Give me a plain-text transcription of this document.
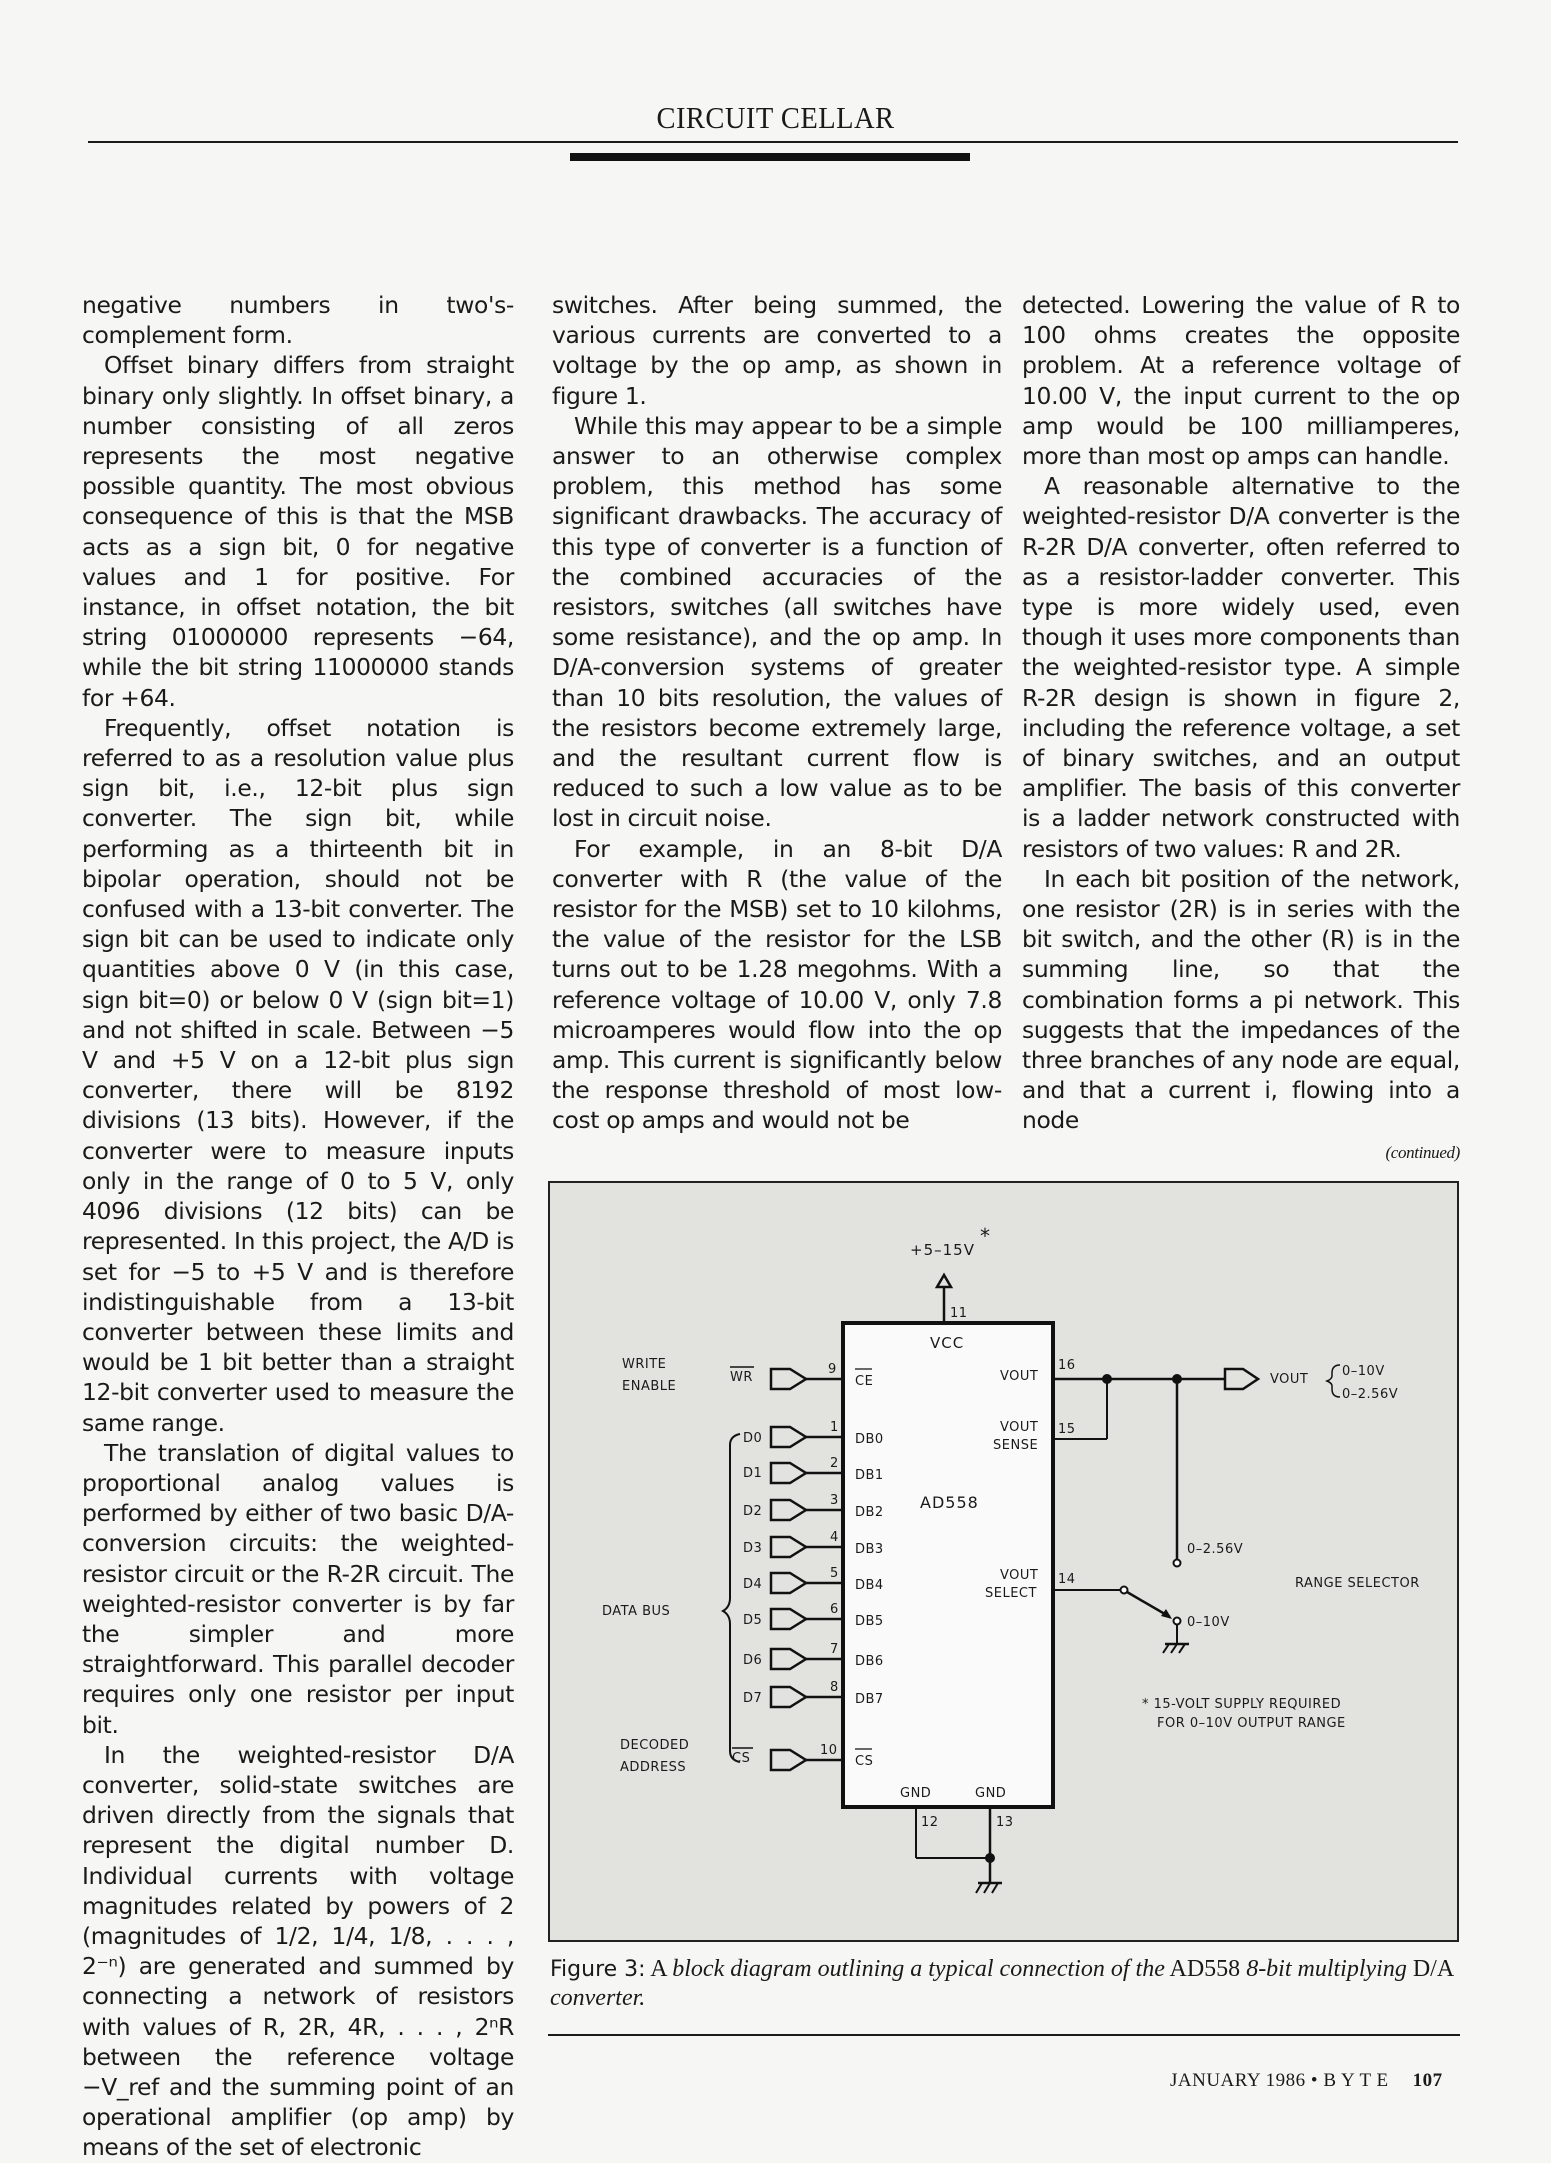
CIRCUIT CELLAR

negative numbers in two's-complement form.

Offset binary differs from straight binary only slightly. In offset binary, a number consisting of all zeros represents the most negative possible quantity. The most obvious consequence of this is that the MSB acts as a sign bit, 0 for negative values and 1 for positive. For instance, in offset notation, the bit string 01000000 represents −64, while the bit string 11000000 stands for +64.

Frequently, offset notation is referred to as a resolution value plus sign bit, i.e., 12-bit plus sign converter. The sign bit, while performing as a thirteenth bit in bipolar operation, should not be confused with a 13-bit converter. The sign bit can be used to indicate only quantities above 0 V (in this case, sign bit=0) or below 0 V (sign bit=1) and not shifted in scale. Between −5 V and +5 V on a 12-bit plus sign converter, there will be 8192 divisions (13 bits). However, if the converter were to measure inputs only in the range of 0 to 5 V, only 4096 divisions (12 bits) can be represented. In this project, the A/D is set for −5 to +5 V and is therefore indistinguishable from a 13-bit converter between these limits and would be 1 bit better than a straight 12-bit converter used to measure the same range.

The translation of digital values to proportional analog values is performed by either of two basic D/A-conversion circuits: the weighted-resistor circuit or the R-2R circuit. The weighted-resistor converter is by far the simpler and more straightforward. This parallel decoder requires only one resistor per input bit.

In the weighted-resistor D/A converter, solid-state switches are driven directly from the signals that represent the digital number D. Individual currents with voltage magnitudes related by powers of 2 (magnitudes of 1/2, 1/4, 1/8, . . . , 2⁻ⁿ) are generated and summed by connecting a network of resistors with values of R, 2R, 4R, . . . , 2ⁿR between the reference voltage −V_ref and the summing point of an operational amplifier (op amp) by means of the set of electronic

switches. After being summed, the various currents are converted to a voltage by the op amp, as shown in figure 1.

While this may appear to be a simple answer to an otherwise complex problem, this method has some significant drawbacks. The accuracy of this type of converter is a function of the combined accuracies of the resistors, switches (all switches have some resistance), and the op amp. In D/A-conversion systems of greater than 10 bits resolution, the values of the resistors become extremely large, and the resultant current flow is reduced to such a low value as to be lost in circuit noise.

For example, in an 8-bit D/A converter with R (the value of the resistor for the MSB) set to 10 kilohms, the value of the resistor for the LSB turns out to be 1.28 megohms. With a reference voltage of 10.00 V, only 7.8 microamperes would flow into the op amp. This current is significantly below the response threshold of most low-cost op amps and would not be

detected. Lowering the value of R to 100 ohms creates the opposite problem. At a reference voltage of 10.00 V, the input current to the op amp would be 100 milliamperes, more than most op amps can handle.

A reasonable alternative to the weighted-resistor D/A converter is the R-2R D/A converter, often referred to as a resistor-ladder converter. This type is more widely used, even though it uses more components than the weighted-resistor type. A simple R-2R design is shown in figure 2, including the reference voltage, a set of binary switches, and an output amplifier. The basis of this converter is a ladder network constructed with resistors of two values: R and 2R.

In each bit position of the network, one resistor (2R) is in series with the bit switch, and the other (R) is in the summing line, so that the combination forms a pi network. This suggests that the impedances of the three branches of any node are equal, and that a current i, flowing into a node

(continued)
AD558
+5–15V
*
11
VCC
WRITE
ENABLE
WR
9
CE
DATA BUS
D0
1
DB0
D1
2
DB1
D2
3
DB2
D3
4
DB3
D4
5
DB4
D5
6
DB5
D6
7
DB6
D7
8
DB7
DECODED
ADDRESS
CS
10
CS
GND	GND
12	13
VOUT
16
VOUT
SENSE
15
VOUT
0–10V
0–2.56V
0–2.56V
VOUT
SELECT
14
0–10V
RANGE SELECTOR
* 15-VOLT SUPPLY REQUIRED
FOR 0–10V OUTPUT RANGE
Figure 3: A block diagram outlining a typical connection of the AD558 8-bit multiplying D/A converter.
JANUARY 1986 • B Y T E 107
